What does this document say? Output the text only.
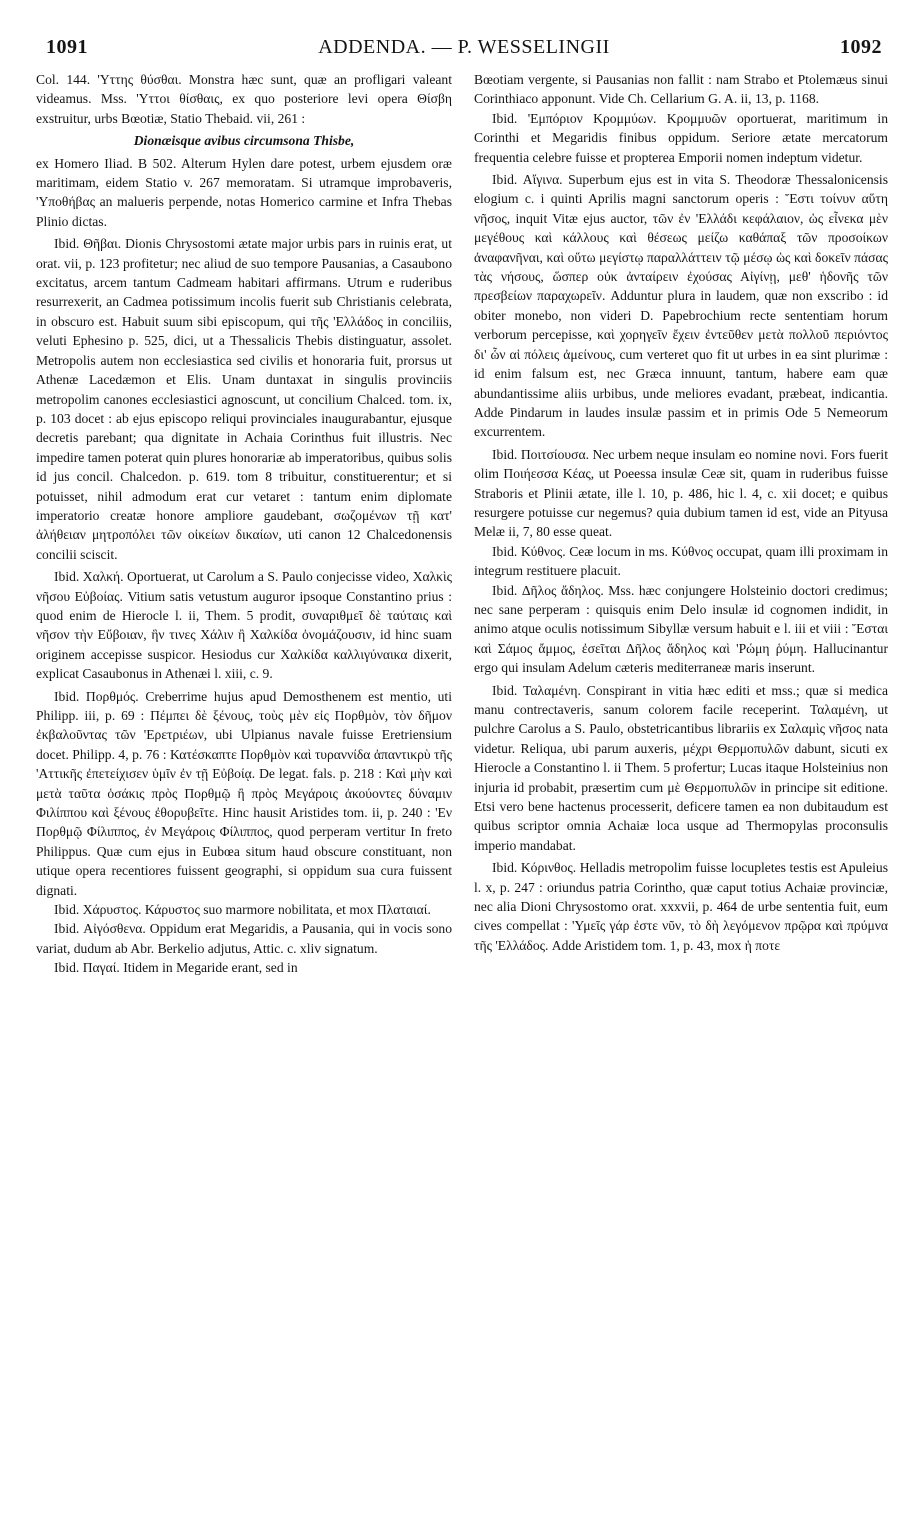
1091	ADDENDA. — P. WESSELINGII	1092

Col. 144. 'Υττης θύσθαι. Monstra hæc sunt, quæ an profligari valeant videamus. Mss. 'Υττοι θίσθαις, ex quo posteriore levi opera Θίσβη exstruitur, urbs Bœotiæ, Statio Thebaid. vii, 261 :

Dionæisque avibus circumsona Thisbe,

ex Homero Iliad. B 502. Alterum Hylen dare potest, urbem ejusdem oræ maritimam, eidem Statio v. 267 memoratam. Si utramque improbaveris, 'Υποθήβας an malueris perpende, notas Homerico carmine et Infra Thebas Plinio dictas.

Ibid. Θῆβαι. Dionis Chrysostomi ætate major urbis pars in ruinis erat, ut orat. vii, p. 123 profitetur; nec aliud de suo tempore Pausanias, a Casaubono excitatus, arcem tantum Cadmeam habitari affirmans. Utrum e ruderibus resurrexerit, an Cadmea potissimum incolis fuerit sub Christianis celebrata, in obscuro est. Habuit suum sibi episcopum, qui τῆς 'Ελλάδος in conciliis, veluti Ephesino p. 525, dici, ut a Thessalicis Thebis distinguatur, assolet. Metropolis autem non ecclesiastica sed civilis et honoraria fuit, prorsus ut Athenæ Lacedæmon et Elis. Unam duntaxat in singulis provinciis metropolim canones ecclesiastici agnoscunt, ut concilium Chalced. tom. ix, p. 103 docet : ab ejus episcopo reliqui provinciales inaugurabantur, ejusque decretis parebant; qua dignitate in Achaia Corinthus fuit illustris. Nec impedire tamen poterat quin plures honorariæ ab imperatoribus, quibus solis id jus concil. Chalcedon. p. 619. tom 8 tribuitur, constituerentur; et si potuisset, nihil admodum erat cur vetaret : tantum enim diplomate imperatorio creatæ honore ampliore gaudebant, σωζομένων τῇ κατ' ἀλήθειαν μητροπόλει τῶν οἰκείων δικαίων, uti canon 12 Chalcedonensis concilii sciscit.

Ibid. Χαλκή. Oportuerat, ut Carolum a S. Paulo conjecisse video, Χαλκὶς νῆσου Εὐβοίας. Vitium satis vetustum auguror ipsoque Constantino prius : quod enim de Hierocle l. ii, Them. 5 prodit, συναριθμεῖ δὲ ταύταις καὶ νῆσον τὴν Εὔβοιαν, ἣν τινες Χάλιν ἢ Χαλκίδα ὀνομάζουσιν, id hinc suam originem accepisse suspicor. Hesiodus cur Χαλκίδα καλλιγύναικα dixerit, explicat Casaubonus in Athenæi l. xiii, c. 9.

Ibid. Πορθμός. Creberrime hujus apud Demosthenem est mentio, uti Philipp. iii, p. 69 : Πέμπει δὲ ξένους, τοὺς μὲν εἰς Πορθμὸν, τὸν δῆμον ἐκβαλοῦντας τῶν 'Ερετριέων, ubi Ulpianus navale fuisse Eretriensium docet. Philipp. 4, p. 76 : Κατέσκαπτε Πορθμὸν καὶ τυραννίδα ἀπαντικρὺ τῆς 'Αττικῆς ἐπετείχισεν ὑμῖν ἐν τῇ Εὐβοίᾳ. De legat. fals. p. 218 : Καὶ μὴν καὶ μετὰ ταῦτα ὁσάκις πρὸς Πορθμῷ ἢ πρὸς Μεγάροις ἀκούοντες δύναμιν Φιλίππου καὶ ξένους ἐθορυβεῖτε. Hinc hausit Aristides tom. ii, p. 240 : 'Εν Πορθμῷ Φίλιππος, ἐν Μεγάροις Φίλιππος, quod perperam vertitur In freto Philippus. Quæ cum ejus in Eubœa situm haud obscure constituant, non utique opera recentiores fuissent geographi, si oppidum sua cura fuissent dignati.

Ibid. Χάρυστος. Κάρυστος suo marmore nobilitata, et mox Πλαταιαί.

Ibid. Αἰγόσθενα. Oppidum erat Megaridis, a Pausania, qui in vocis sono variat, dudum ab Abr. Berkelio adjutus, Attic. c. xliv signatum.

Ibid. Παγαί. Itidem in Megaride erant, sed in

Bœotiam vergente, si Pausanias non fallit : nam Strabo et Ptolemæus sinui Corinthiaco apponunt. Vide Ch. Cellarium G. A. ii, 13, p. 1168.

Ibid. 'Εμπόριον Κρομμύων. Κρομμυῶν oportuerat, maritimum in Corinthi et Megaridis finibus oppidum. Seriore ætate mercatorum frequentia celebre fuisse et propterea Emporii nomen indeptum videtur.

Ibid. Αἴγινα. Superbum ejus est in vita S. Theodoræ Thessalonicensis elogium c. i quinti Aprilis magni sanctorum operis : Ἔστι τοίνυν αὕτη νῆσος, inquit Vitæ ejus auctor, τῶν ἐν 'Ελλάδι κεφάλαιον, ὡς εἶνεκα μὲν μεγέθους καὶ κάλλους καὶ θέσεως μείζω καθάπαξ τῶν προσοίκων ἀναφανῆναι, καὶ οὕτω μεγίστῳ παραλλάττειν τῷ μέσῳ ὡς καὶ δοκεῖν πάσας τὰς νήσους, ὥσπερ οὐκ ἀνταίρειν ἐχούσας Αἰγίνῃ, μεθ' ἡδονῆς τῶν πρεσβείων παραχωρεῖν. Adduntur plura in laudem, quæ non exscribo : id obiter monebo, non videri D. Papebrochium recte sententiam horum verborum percepisse, καὶ χορηγεῖν ἔχειν ἐντεῦθεν μετὰ πολλοῦ περιόντος δι' ὧν αἱ πόλεις ἀμείνους, cum verteret quo fit ut urbes in ea sint plurimæ : id enim falsum est, nec Græca innuunt, tantum, habere eam quæ abundantissime aliis urbibus, unde meliores evadant, præbeat, indicantia. Adde Pindarum in laudes insulæ passim et in primis Ode 5 Nemeorum excurrentem.

Ibid. Ποιτσίουσα. Nec urbem neque insulam eo nomine novi. Fors fuerit olim Ποιήεσσα Κέας, ut Poeessa insulæ Ceæ sit, quam in ruderibus fuisse Straboris et Plinii ætate, ille l. 10, p. 486, hic l. 4, c. xii docet; e quibus resurgere potuisse cur negemus? quia dubium tamen id est, vide an Pityusa Melæ ii, 7, 80 esse queat.

Ibid. Κύθνος. Ceæ locum in ms. Κύθνος occupat, quam illi proximam in integrum restituere placuit.

Ibid. Δῆλος ἄδηλος. Mss. hæc conjungere Holsteinio doctori credimus; nec sane perperam : quisquis enim Delo insulæ id cognomen indidit, in animo atque oculis notissimum Sibyllæ versum habuit e l. iii et viii : Ἔσται καὶ Σάμος ἄμμος, ἐσεῖται Δῆλος ἄδηλος καὶ 'Ρώμη ῥύμη. Hallucinantur ergo qui insulam Adelum cæteris mediterraneæ maris inserunt.

Ibid. Ταλαμένη. Conspirant in vitia hæc editi et mss.; quæ si medica manu contrectaveris, sanum colorem facile receperint. Ταλαμένη, ut pulchre Carolus a S. Paulo, obstetricantibus librariis ex Σαλαμὶς νῆσος nata videtur. Reliqua, ubi parum auxeris, μέχρι Θερμοπυλῶν dabunt, sicuti ex Hierocle a Constantino l. ii Them. 5 profertur; Lucas itaque Holsteinius non injuria id probabit, præsertim cum μὲ Θερμοπυλῶν in principe sit editione. Etsi vero bene hactenus processerit, deficere tamen ea non dubitaudum est quibus scriptor omnia Achaiæ loca usque ad Thermopylas proconsulis imperio mandabat.

Ibid. Κόρινθος. Helladis metropolim fuisse locupletes testis est Apuleius l. x, p. 247 : oriundus patria Corintho, quæ caput totius Achaiæ provinciæ, nec alia Dioni Chrysostomo orat. xxxvii, p. 464 de urbe sententia fuit, eum cives compellat : 'Υμεῖς γάρ ἐστε νῦν, τὸ δὴ λεγόμενον πρῷρα καὶ πρύμνα τῆς 'Ελλάδος. Adde Aristidem tom. 1, p. 43, mox ἡ ποτε
